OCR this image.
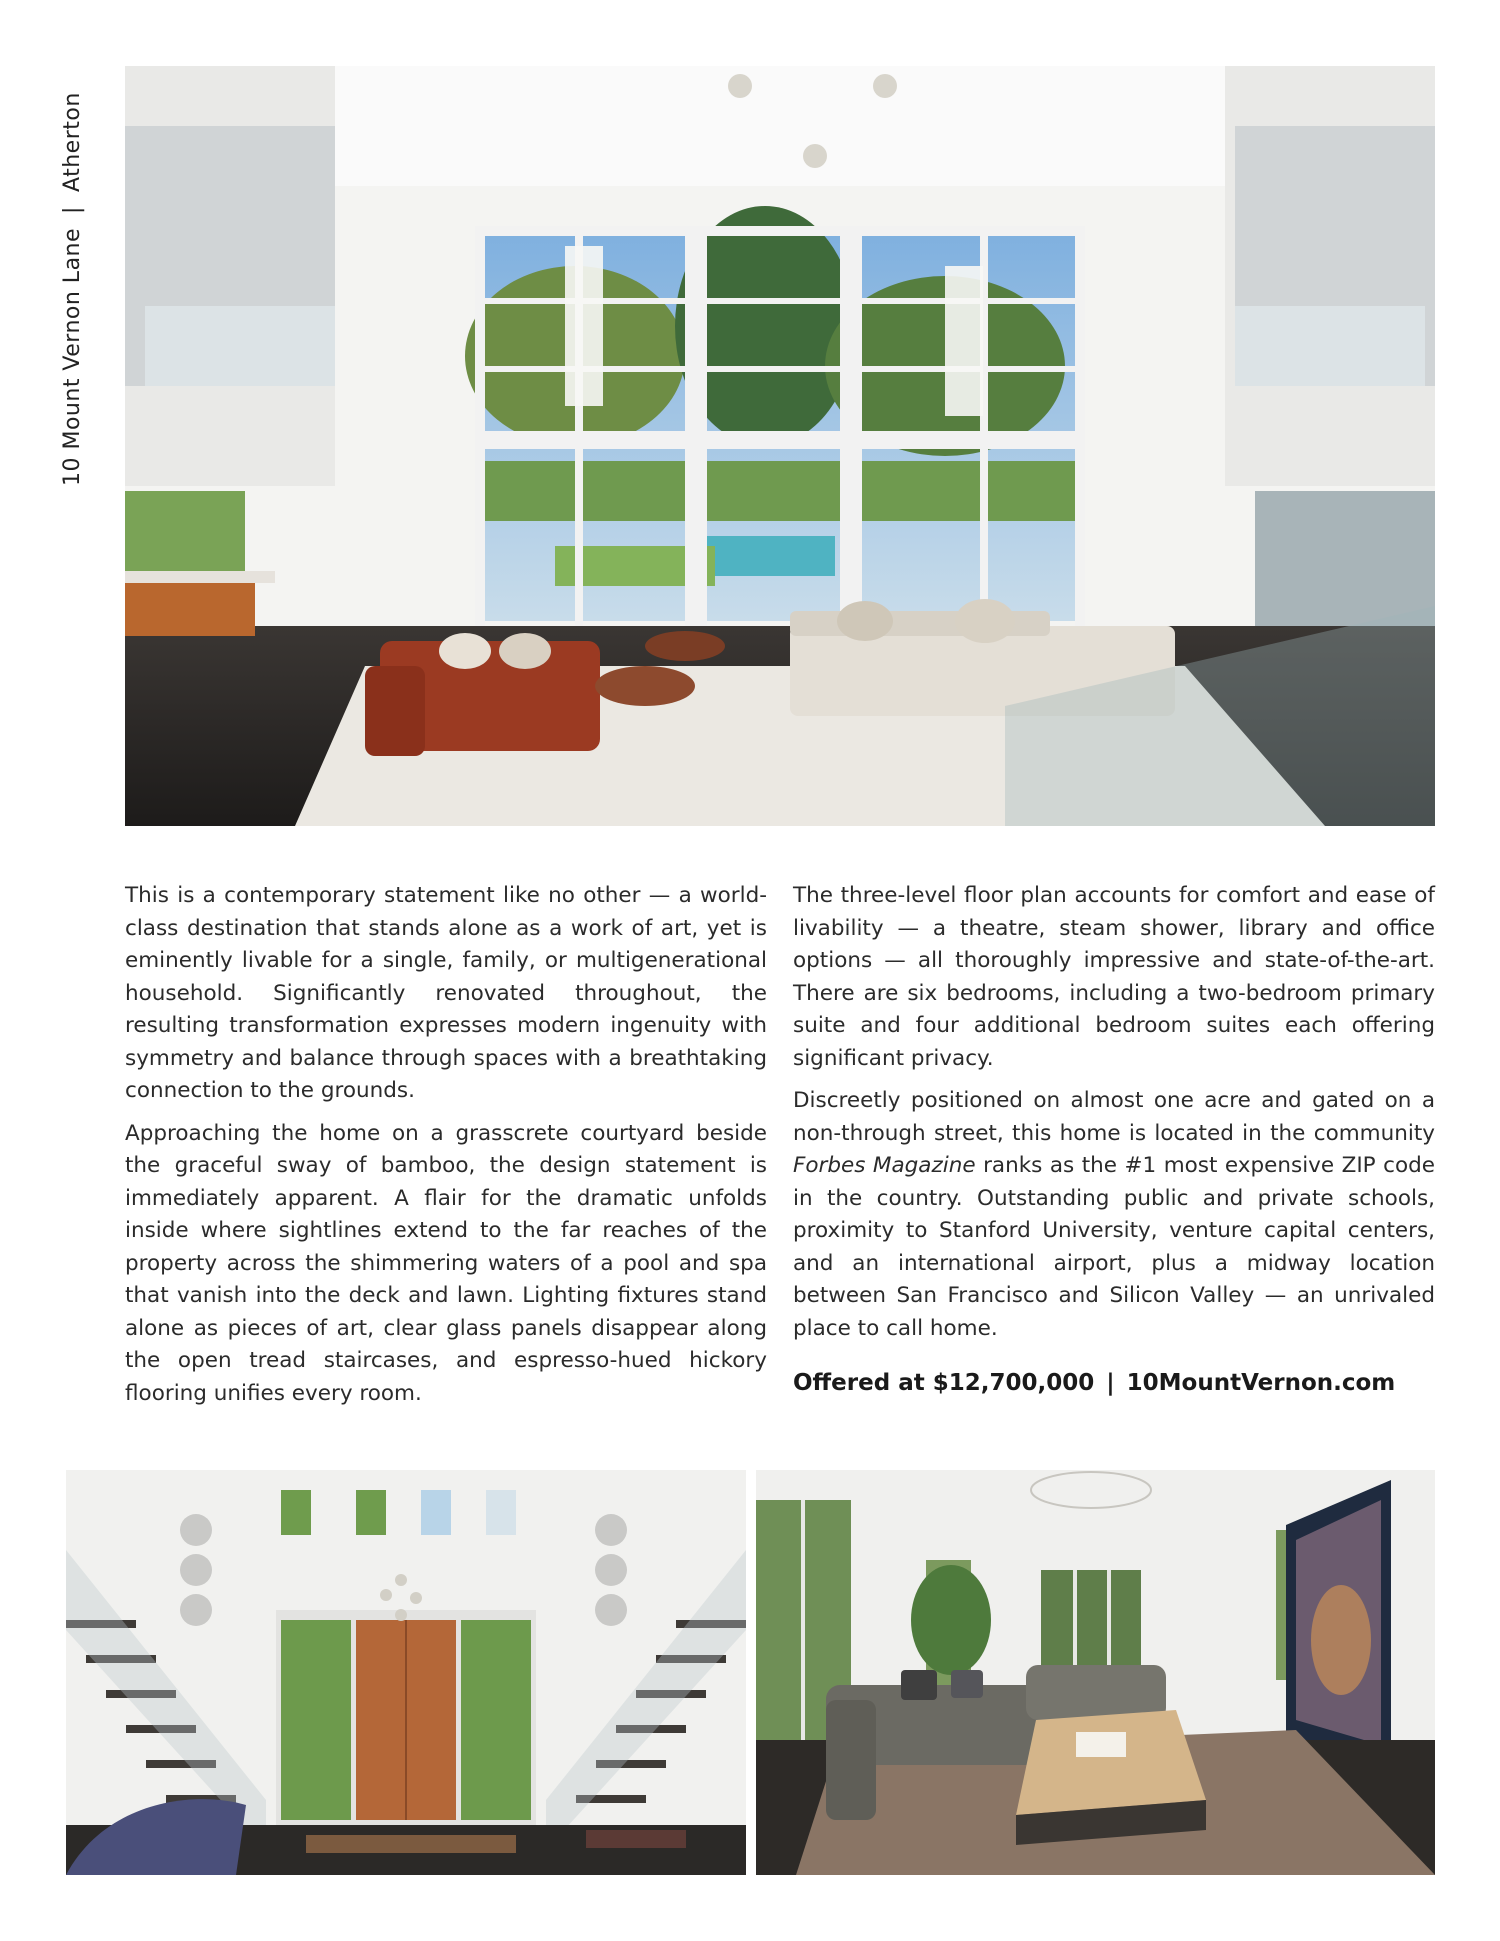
10 Mount Vernon Lane|Atherton

This is a contemporary statement like no other — a world-class destination that stands alone as a work of art, yet is eminently livable for a single, family, or multigenerational household. Significantly renovated throughout, the resulting transformation expresses modern ingenuity with symmetry and balance through spaces with a breathtaking connection to the grounds.

Approaching the home on a grasscrete courtyard beside the graceful sway of bamboo, the design statement is immediately apparent. A flair for the dramatic unfolds inside where sightlines extend to the far reaches of the property across the shimmering waters of a pool and spa that vanish into the deck and lawn. Lighting fixtures stand alone as pieces of art, clear glass panels disappear along the open tread staircases, and espresso-hued hickory flooring unifies every room.

The three-level floor plan accounts for comfort and ease of livability — a theatre, steam shower, library and office options — all thoroughly impressive and state-of-the-art. There are six bedrooms, including a two-bedroom primary suite and four additional bedroom suites each offering significant privacy.

Discreetly positioned on almost one acre and gated on a non-through street, this home is located in the community Forbes Magazine ranks as the #1 most expensive ZIP code in the country. Outstanding public and private schools, proximity to Stanford University, venture capital centers, and an international airport, plus a midway location between San Francisco and Silicon Valley — an unrivaled place to call home.

Offered at $12,700,000 | 10MountVernon.com
